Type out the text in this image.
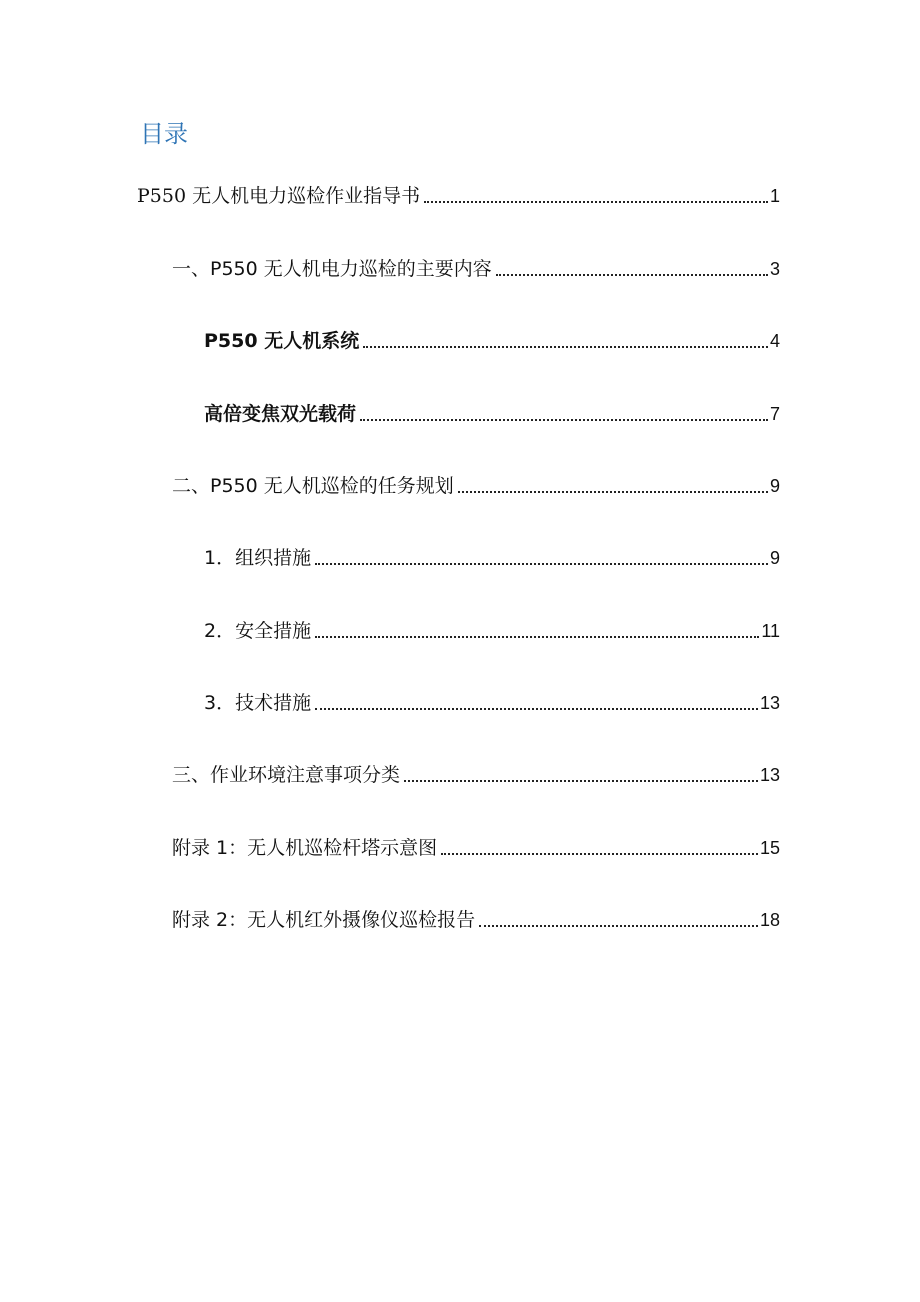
目录
P550 无人机电力巡检作业指导书	1
一、P550 无人机电力巡检的主要内容	3
P550 无人机系统	4
高倍变焦双光载荷	7
二、P550 无人机巡检的任务规划	9
1．组织措施	9
2．安全措施	11
3．技术措施	13
三、作业环境注意事项分类	13
附录 1：无人机巡检杆塔示意图	15
附录 2：无人机红外摄像仪巡检报告	18
